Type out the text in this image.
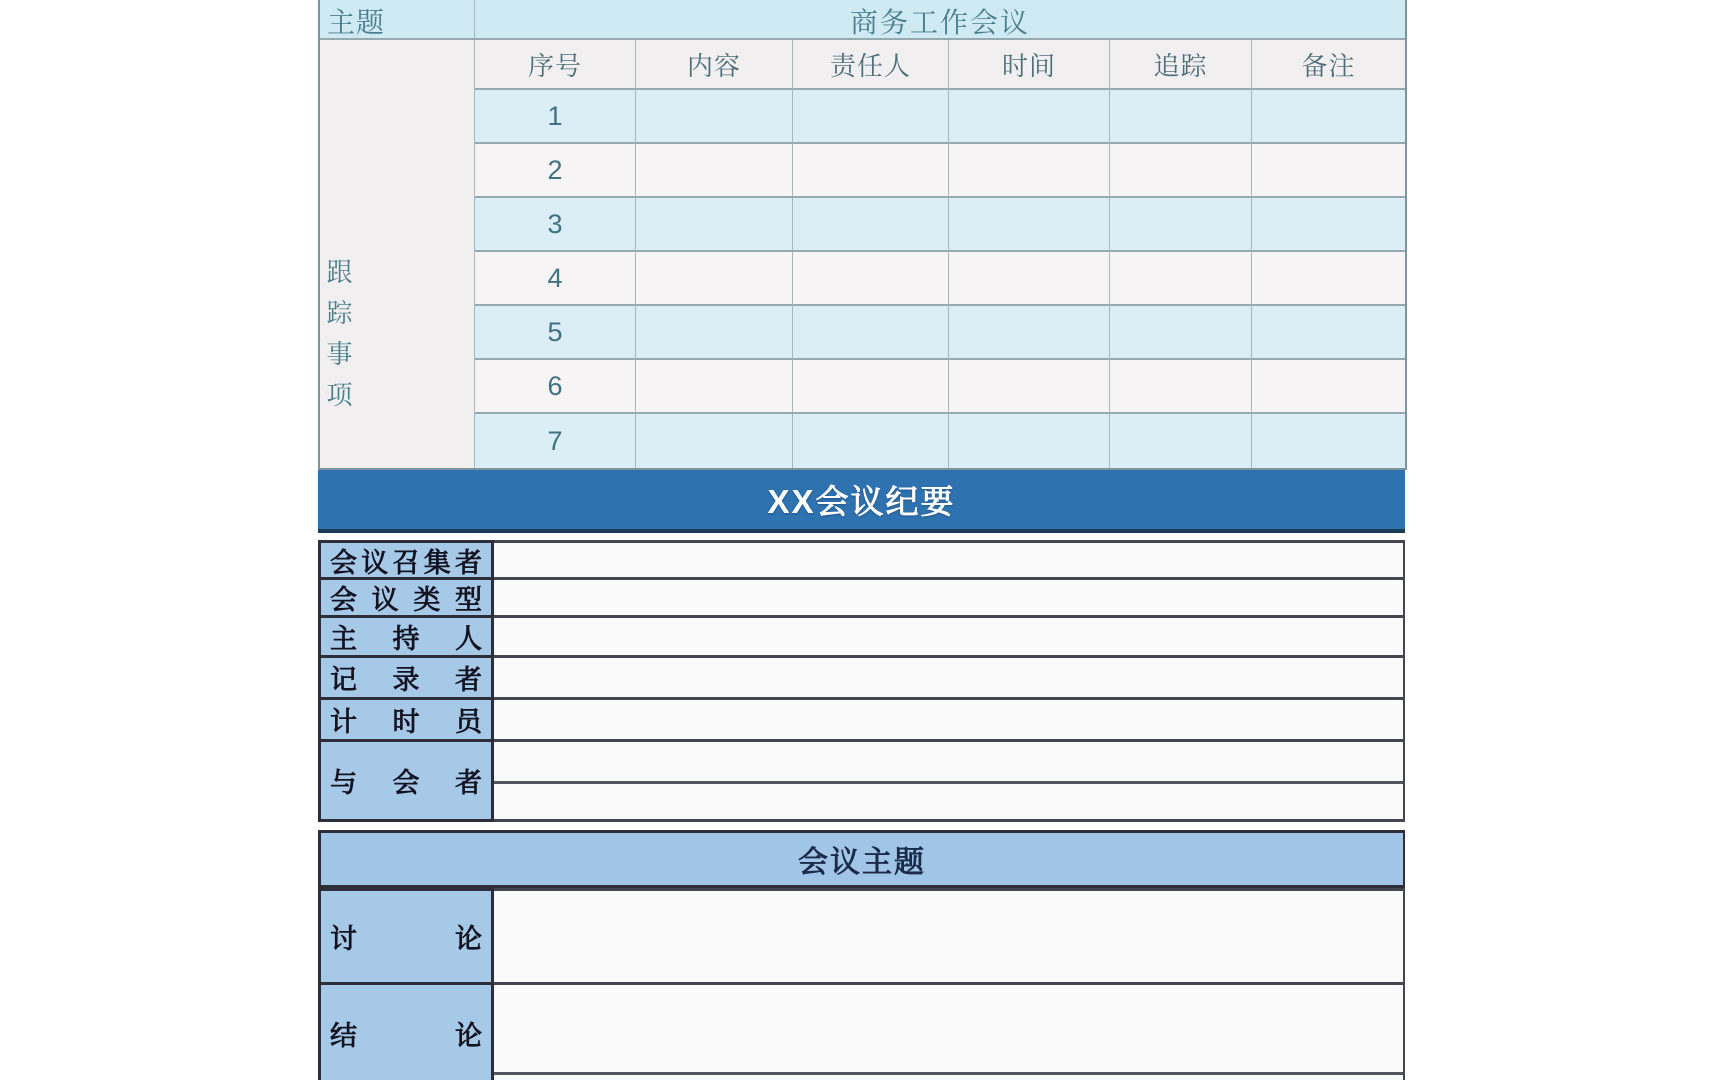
主题	商务工作会议
跟踪事项
序号	内容	责任人	时间	追踪	备注
1
2
3
4
5
6
7
XX会议纪要
会议召集者
会议类型
主持人
记录者
计时员
与会者
会议主题
讨论
结论
